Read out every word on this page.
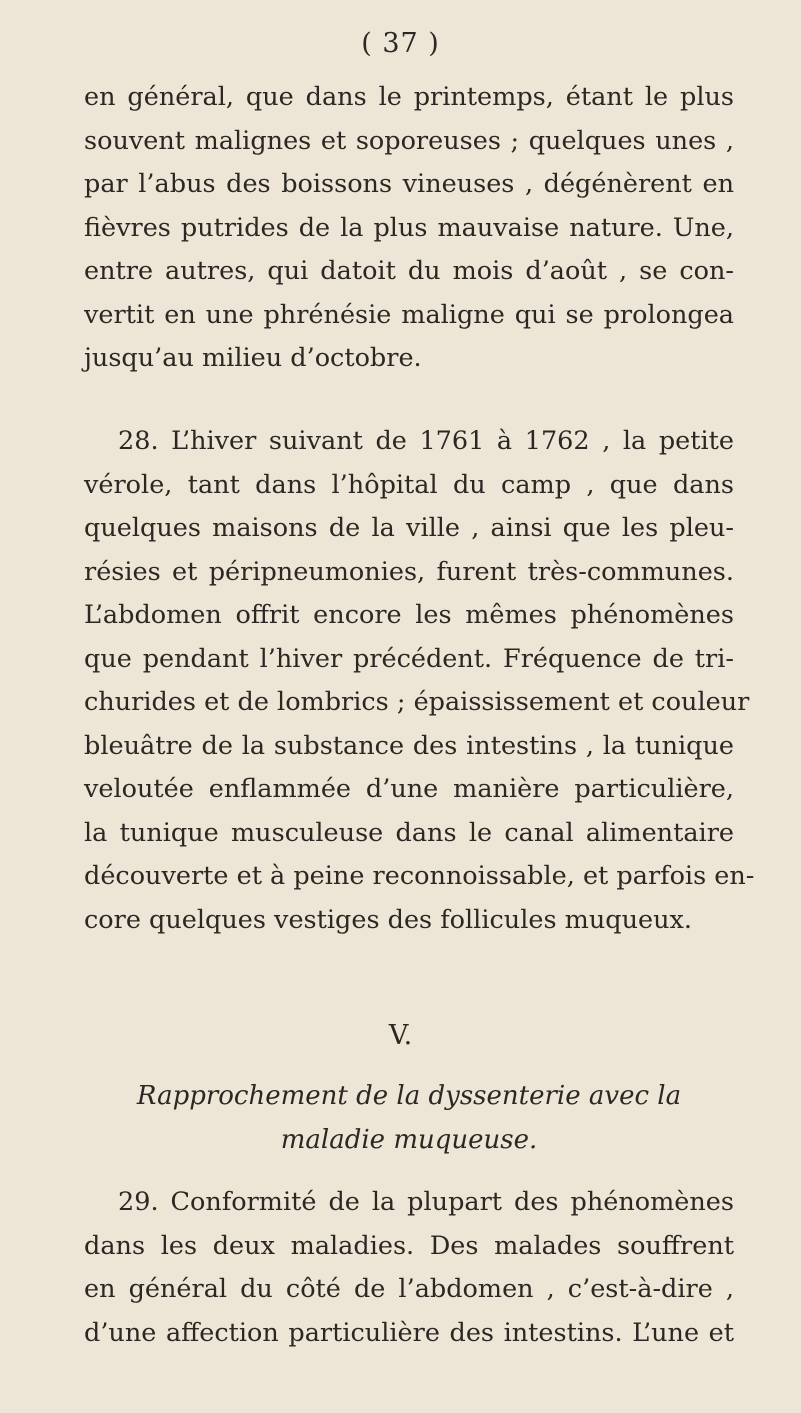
( 37 )
en général, que dans le printemps, étant le plus
souvent malignes et soporeuses ; quelques unes ,
par l’abus des boissons vineuses , dégénèrent en
fièvres putrides de la plus mauvaise nature. Une,
entre autres, qui datoit du mois d’août , se con-
vertit en une phrénésie maligne qui se prolongea
jusqu’au milieu d’octobre.
28. L’hiver suivant de 1761 à 1762 , la petite
vérole, tant dans l’hôpital du camp , que dans
quelques maisons de la ville , ainsi que les pleu-
résies et péripneumonies, furent très-communes.
L’abdomen offrit encore les mêmes phénomènes
que pendant l’hiver précédent. Fréquence de tri-
churides et de lombrics ; épaississement et couleur
bleuâtre de la substance des intestins , la tunique
veloutée enflammée d’une manière particulière,
la tunique musculeuse dans le canal alimentaire
découverte et à peine reconnoissable, et parfois en-
core quelques vestiges des follicules muqueux.
V.
Rapprochement de la dyssenterie avec la
maladie muqueuse.
29. Conformité de la plupart des phénomènes
dans les deux maladies. Des malades souffrent
en général du côté de l’abdomen , c’est-à-dire ,
d’une affection particulière des intestins. L’une et
